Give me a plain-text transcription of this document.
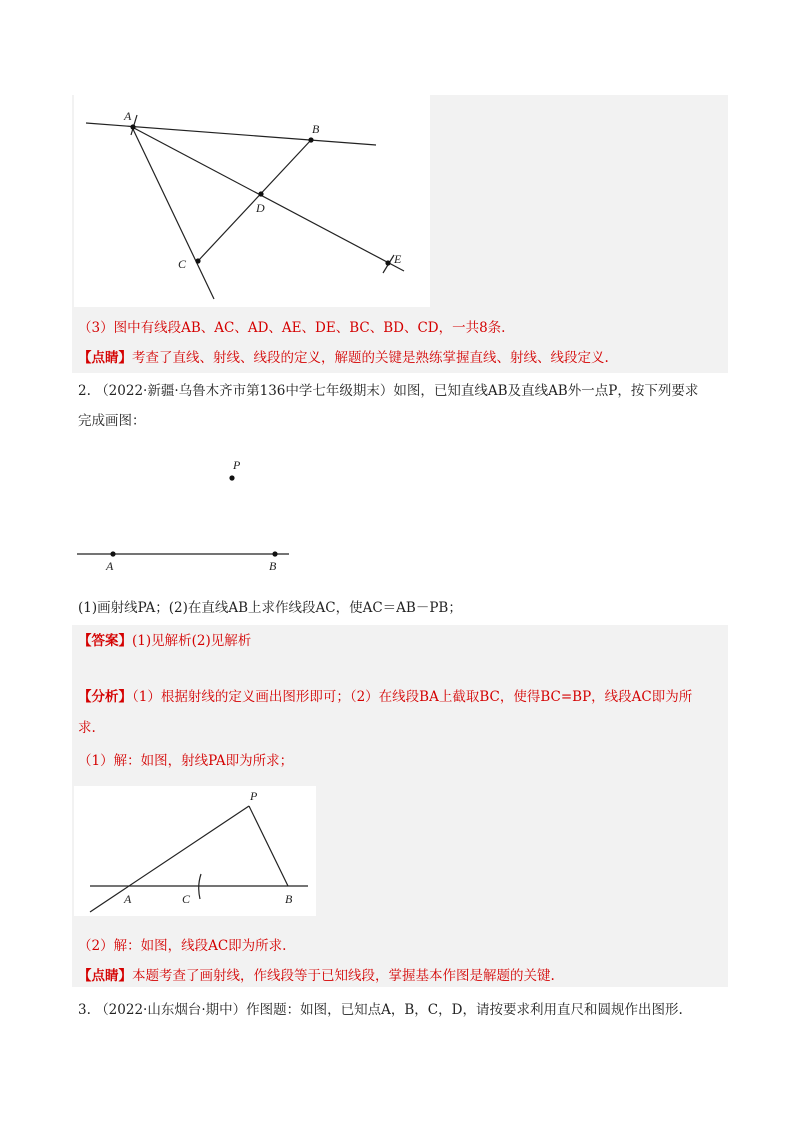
A
B
D
C	E
（3）图中有线段AB、AC、AD、AE、DE、BC、BD、CD，一共8条.
【点睛】考查了直线、射线、线段的定义，解题的关键是熟练掌握直线、射线、线段定义.
2. （2022·新疆·乌鲁木齐市第136中学七年级期末）如图，已知直线AB及直线AB外一点P，按下列要求
完成画图：
P
A	B
(1)画射线PA；(2)在直线AB上求作线段AC，使AC＝AB－PB；
【答案】(1)见解析(2)见解析
【分析】（1）根据射线的定义画出图形即可；（2）在线段BA上截取BC，使得BC=BP，线段AC即为所
求.
（1）解：如图，射线PA即为所求；
P
A	C	B
（2）解：如图，线段AC即为所求.
【点睛】本题考查了画射线，作线段等于已知线段，掌握基本作图是解题的关键.
3. （2022·山东烟台·期中）作图题：如图，已知点A，B，C，D，请按要求利用直尺和圆规作出图形.
